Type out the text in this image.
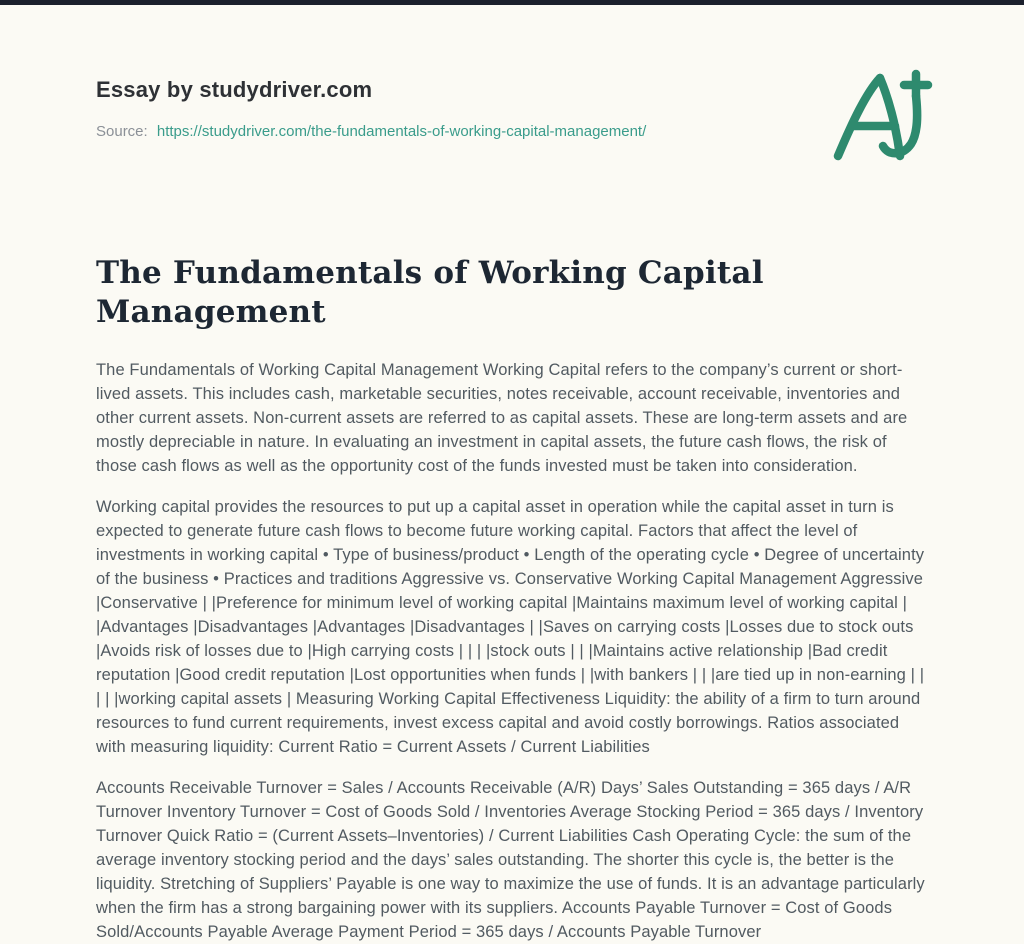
Essay by studydriver.com
Source: https://studydriver.com/the-fundamentals-of-working-capital-management/
The Fundamentals of Working Capital Management

The Fundamentals of Working Capital Management Working Capital refers to the company’s current or short-lived assets. This includes cash, marketable securities, notes receivable, account receivable, inventories and other current assets. Non-current assets are referred to as capital assets. These are long-term assets and are mostly depreciable in nature. In evaluating an investment in capital assets, the future cash flows, the risk of those cash flows as well as the opportunity cost of the funds invested must be taken into consideration.

Working capital provides the resources to put up a capital asset in operation while the capital asset in turn is expected to generate future cash flows to become future working capital. Factors that affect the level of investments in working capital • Type of business/product • Length of the operating cycle • Degree of uncertainty of the business • Practices and traditions Aggressive vs. Conservative Working Capital Management Aggressive |Conservative | |Preference for minimum level of working capital |Maintains maximum level of working capital | |Advantages |Disadvantages |Advantages |Disadvantages | |Saves on carrying costs |Losses due to stock outs |Avoids risk of losses due to |High carrying costs | | | |stock outs | | |Maintains active relationship |Bad credit reputation |Good credit reputation |Lost opportunities when funds | |with bankers | | |are tied up in non-earning | | | | |working capital assets | Measuring Working Capital Effectiveness Liquidity: the ability of a firm to turn around resources to fund current requirements, invest excess capital and avoid costly borrowings. Ratios associated with measuring liquidity: Current Ratio = Current Assets / Current Liabilities

Accounts Receivable Turnover = Sales / Accounts Receivable (A/R) Days’ Sales Outstanding = 365 days / A/R Turnover Inventory Turnover = Cost of Goods Sold / Inventories Average Stocking Period = 365 days / Inventory Turnover Quick Ratio = (Current Assets–Inventories) / Current Liabilities Cash Operating Cycle: the sum of the average inventory stocking period and the days’ sales outstanding. The shorter this cycle is, the better is the liquidity. Stretching of Suppliers’ Payable is one way to maximize the use of funds. It is an advantage particularly when the firm has a strong bargaining power with its suppliers. Accounts Payable Turnover = Cost of Goods Sold/Accounts Payable Average Payment Period = 365 days / Accounts Payable Turnover
